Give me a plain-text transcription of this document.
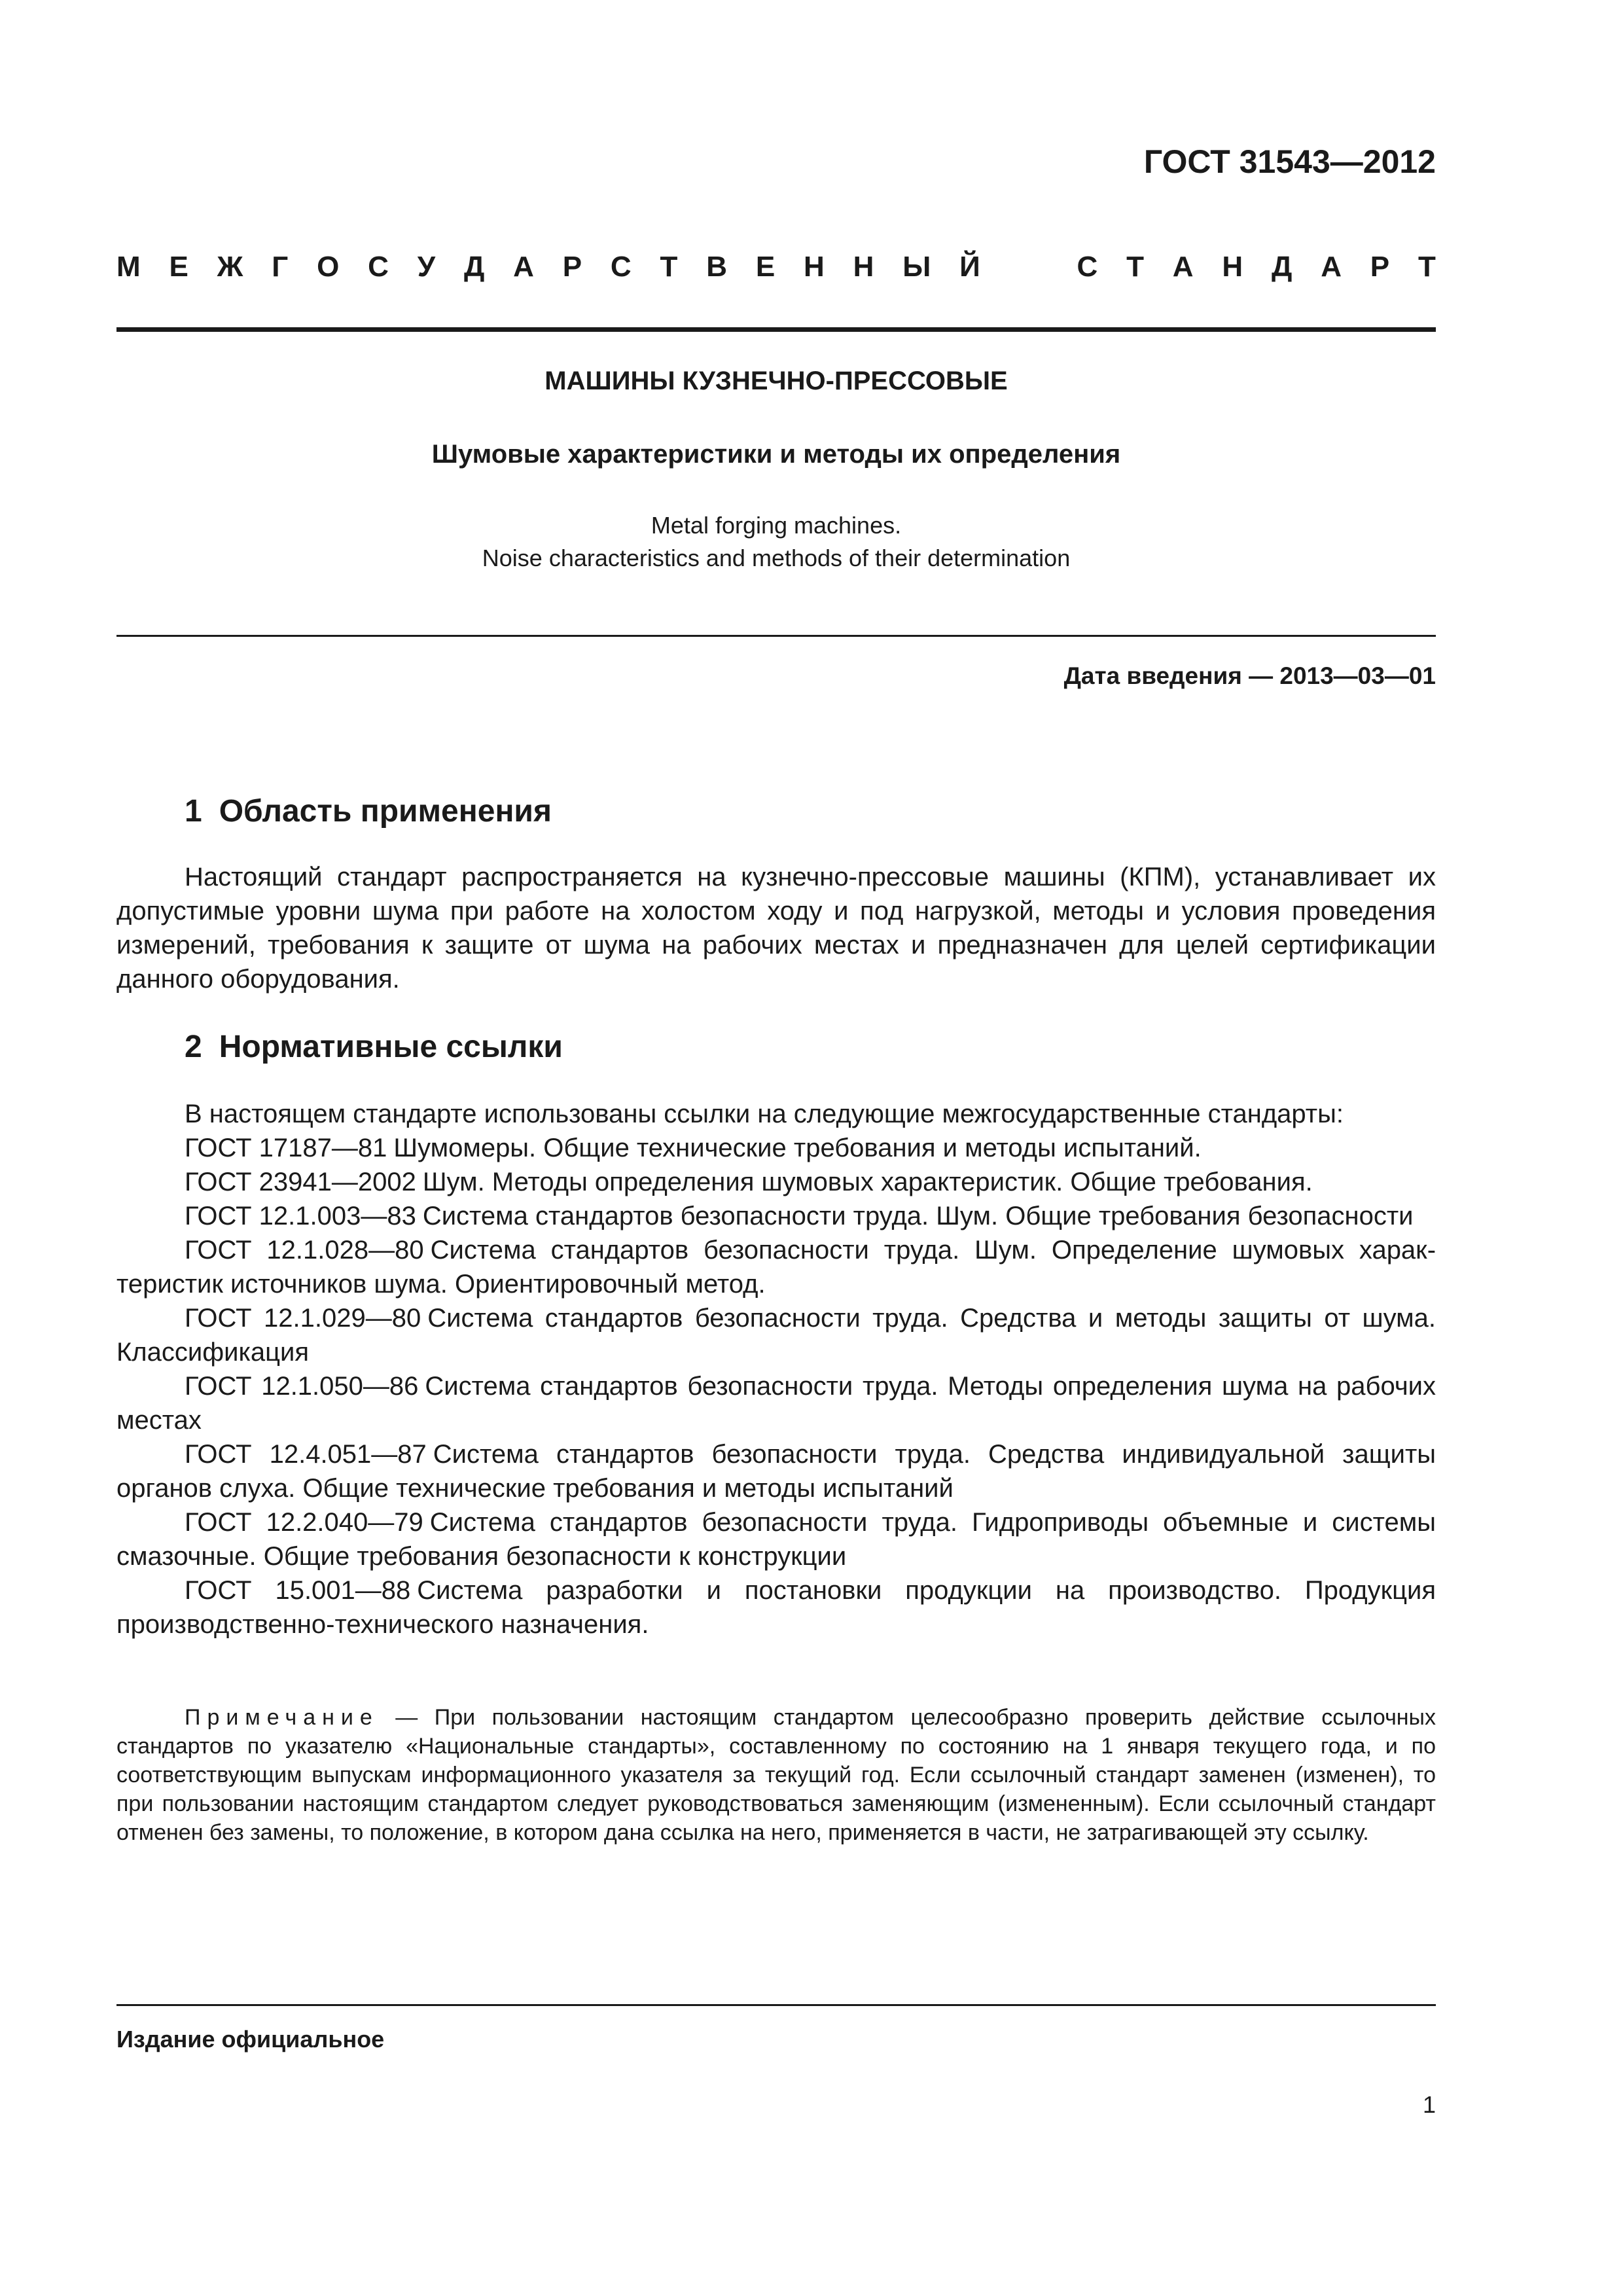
ГОСТ 31543—2012
М Е Ж Г О С У Д А Р С Т В Е Н Н Ы Й	С Т А Н Д А Р Т
МАШИНЫ КУЗНЕЧНО-ПРЕССОВЫЕ
Шумовые характеристики и методы их определения
Metal forging machines.
Noise characteristics and methods of their determination
Дата введения — 2013—03—01
1 Область применения
Настоящий стандарт распространяется на кузнечно-прессовые машины (КПМ), устанавливает их допустимые уровни шума при работе на холостом ходу и под нагрузкой, методы и условия проведения измерений, требования к защите от шума на рабочих местах и предназначен для целей сертификации данного оборудования.
2 Нормативные ссылки

В настоящем стандарте использованы ссылки на следующие межгосударственные стандарты:

ГОСТ 17187—81 Шумомеры. Общие технические требования и методы испытаний.

ГОСТ 23941—2002 Шум. Методы определения шумовых характеристик. Общие требования.

ГОСТ 12.1.003—83 Система стандартов безопасности труда. Шум. Общие требования безопасности

ГОСТ 12.1.028—80 Система стандартов безопасности труда. Шум. Определение шумовых характеристик источников шума. Ориентировочный метод.

ГОСТ 12.1.029—80 Система стандартов безопасности труда. Средства и методы защиты от шума. Классификация

ГОСТ 12.1.050—86 Система стандартов безопасности труда. Методы определения шума на рабочих местах

ГОСТ 12.4.051—87 Система стандартов безопасности труда. Средства индивидуальной защиты органов слуха. Общие технические требования и методы испытаний

ГОСТ 12.2.040—79 Система стандартов безопасности труда. Гидроприводы объемные и системы смазочные. Общие требования безопасности к конструкции

ГОСТ 15.001—88 Система разработки и постановки продукции на производство. Продукция производственно-технического назначения.

Примечание — При пользовании настоящим стандартом целесообразно проверить действие ссылочных стандартов по указателю «Национальные стандарты», составленному по состоянию на 1 января текущего года, и по соответствующим выпускам информационного указателя за текущий год. Если ссылочный стандарт заменен (изменен), то при пользовании настоящим стандартом следует руководствоваться заменяющим (измененным). Если ссылочный стандарт отменен без замены, то положение, в котором дана ссылка на него, применяется в части, не затрагивающей эту ссылку.
Издание официальное
1
